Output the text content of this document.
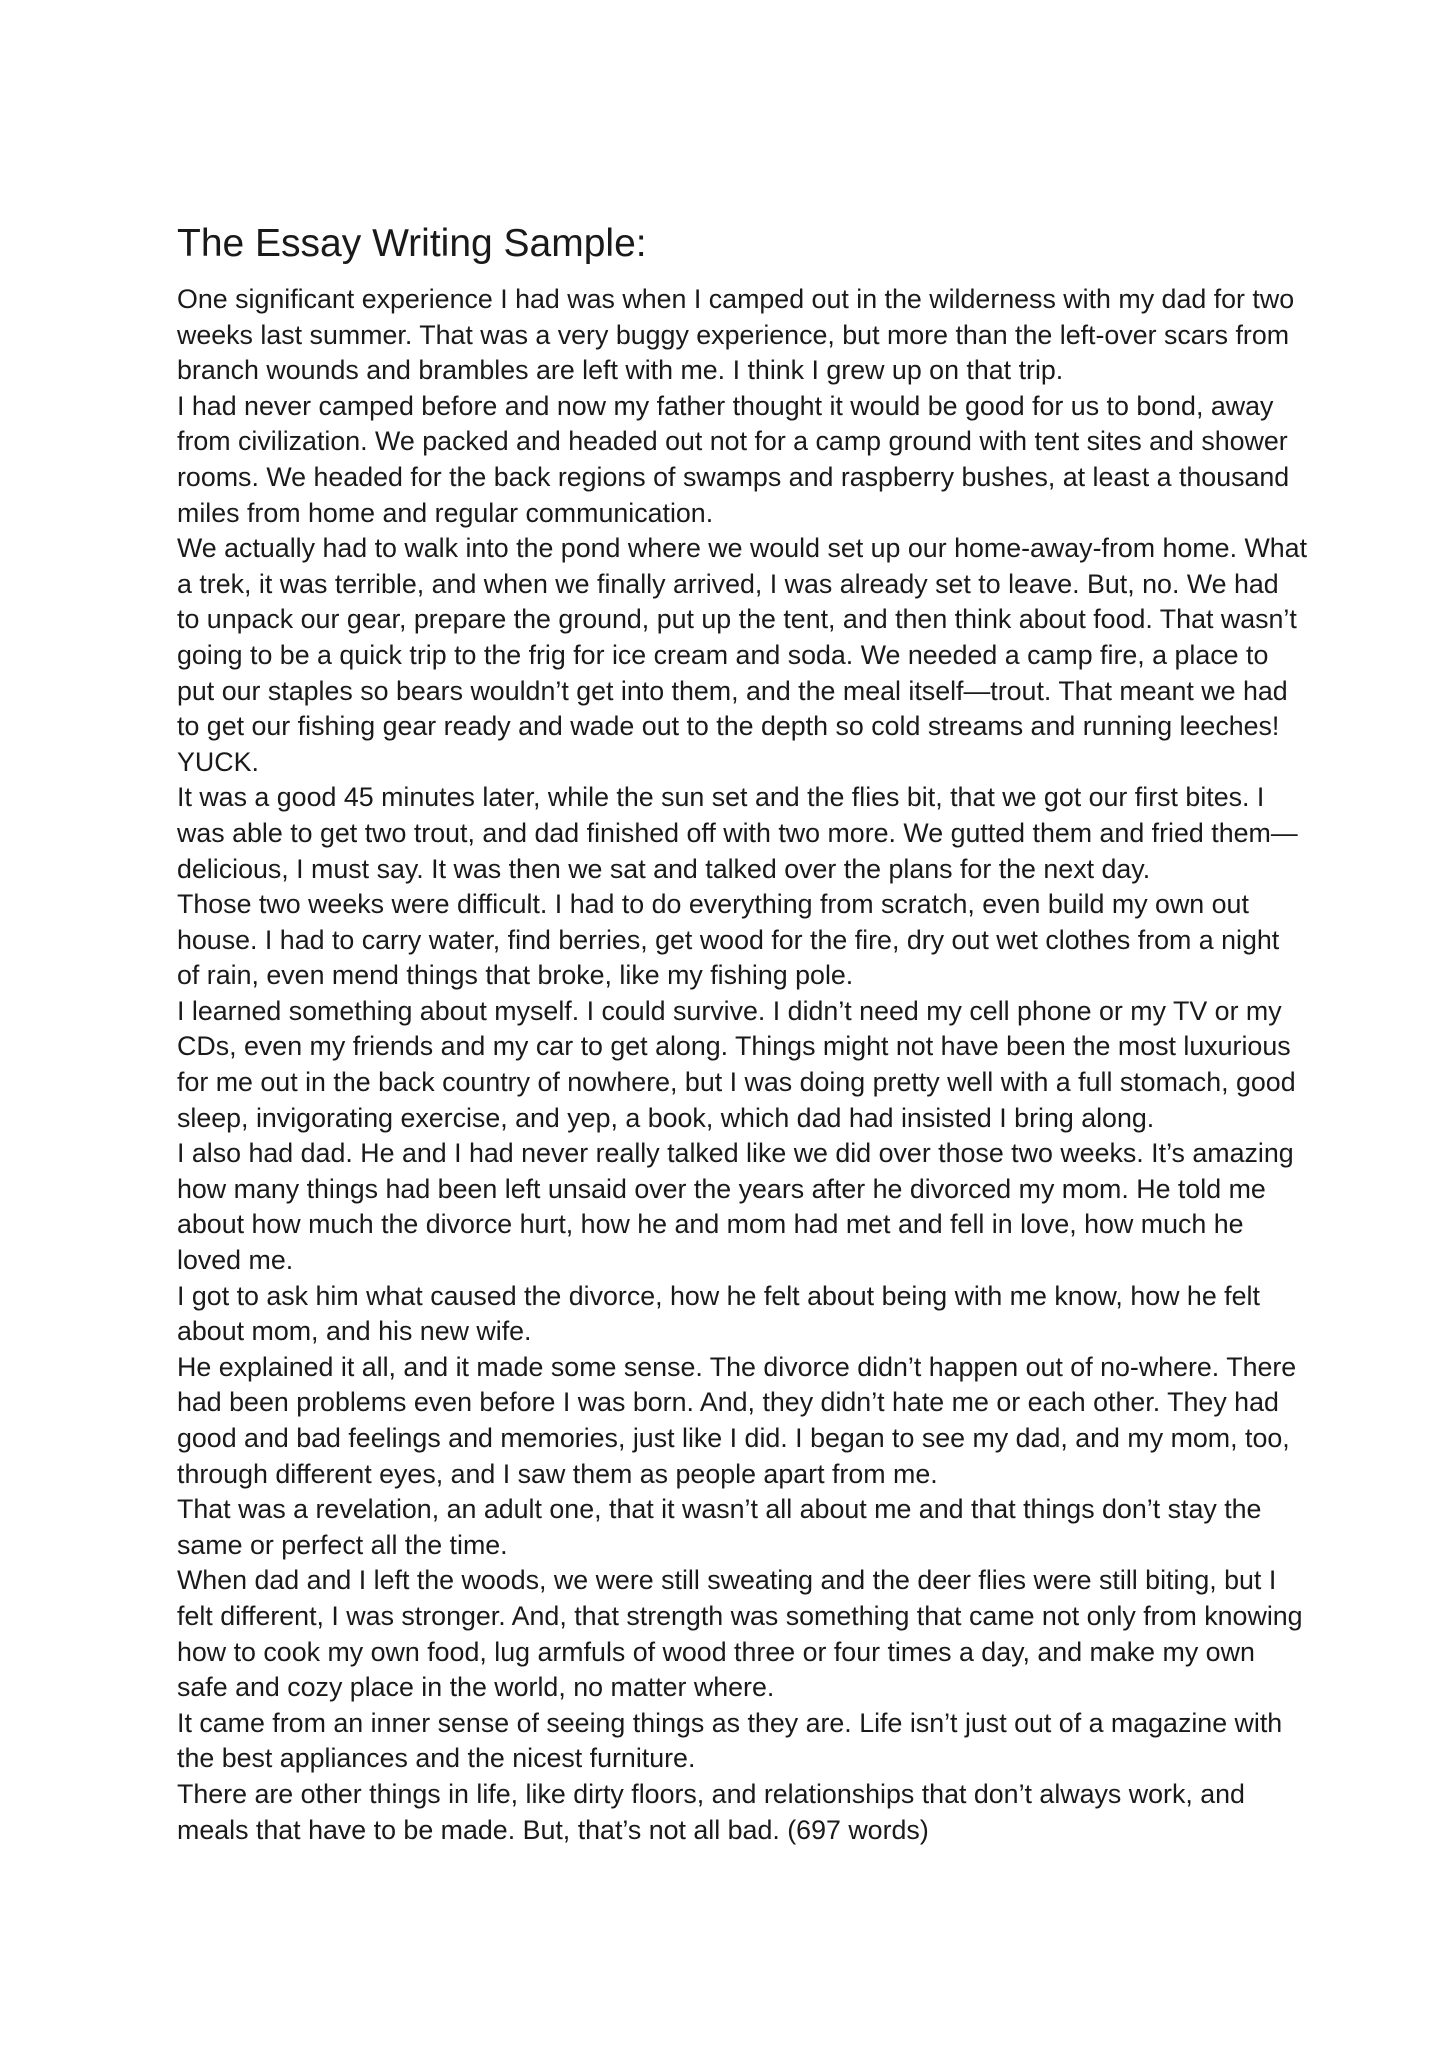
The Essay Writing Sample:

One significant experience I had was when I camped out in the wilderness with my dad for two weeks last summer. That was a very buggy experience, but more than the left-over scars from branch wounds and brambles are left with me. I think I grew up on that trip.

I had never camped before and now my father thought it would be good for us to bond, away from civilization. We packed and headed out not for a camp ground with tent sites and shower rooms. We headed for the back regions of swamps and raspberry bushes, at least a thousand miles from home and regular communication.

We actually had to walk into the pond where we would set up our home-away-from home. What a trek, it was terrible, and when we finally arrived, I was already set to leave. But, no. We had to unpack our gear, prepare the ground, put up the tent, and then think about food. That wasn’t going to be a quick trip to the frig for ice cream and soda. We needed a camp fire, a place to put our staples so bears wouldn’t get into them, and the meal itself—trout. That meant we had to get our fishing gear ready and wade out to the depth so cold streams and running leeches! YUCK.

It was a good 45 minutes later, while the sun set and the flies bit, that we got our first bites. I was able to get two trout, and dad finished off with two more. We gutted them and fried them—delicious, I must say. It was then we sat and talked over the plans for the next day.

Those two weeks were difficult. I had to do everything from scratch, even build my own out house. I had to carry water, find berries, get wood for the fire, dry out wet clothes from a night of rain, even mend things that broke, like my fishing pole.

I learned something about myself. I could survive. I didn’t need my cell phone or my TV or my CDs, even my friends and my car to get along. Things might not have been the most luxurious for me out in the back country of nowhere, but I was doing pretty well with a full stomach, good sleep, invigorating exercise, and yep, a book, which dad had insisted I bring along.

I also had dad. He and I had never really talked like we did over those two weeks. It’s amazing how many things had been left unsaid over the years after he divorced my mom. He told me about how much the divorce hurt, how he and mom had met and fell in love, how much he loved me.

I got to ask him what caused the divorce, how he felt about being with me know, how he felt about mom, and his new wife.

He explained it all, and it made some sense. The divorce didn’t happen out of no-where. There had been problems even before I was born. And, they didn’t hate me or each other. They had good and bad feelings and memories, just like I did. I began to see my dad, and my mom, too, through different eyes, and I saw them as people apart from me.

That was a revelation, an adult one, that it wasn’t all about me and that things don’t stay the same or perfect all the time.

When dad and I left the woods, we were still sweating and the deer flies were still biting, but I felt different, I was stronger. And, that strength was something that came not only from knowing how to cook my own food, lug armfuls of wood three or four times a day, and make my own safe and cozy place in the world, no matter where.

It came from an inner sense of seeing things as they are. Life isn’t just out of a magazine with the best appliances and the nicest furniture.

There are other things in life, like dirty floors, and relationships that don’t always work, and meals that have to be made. But, that’s not all bad. (697 words)
